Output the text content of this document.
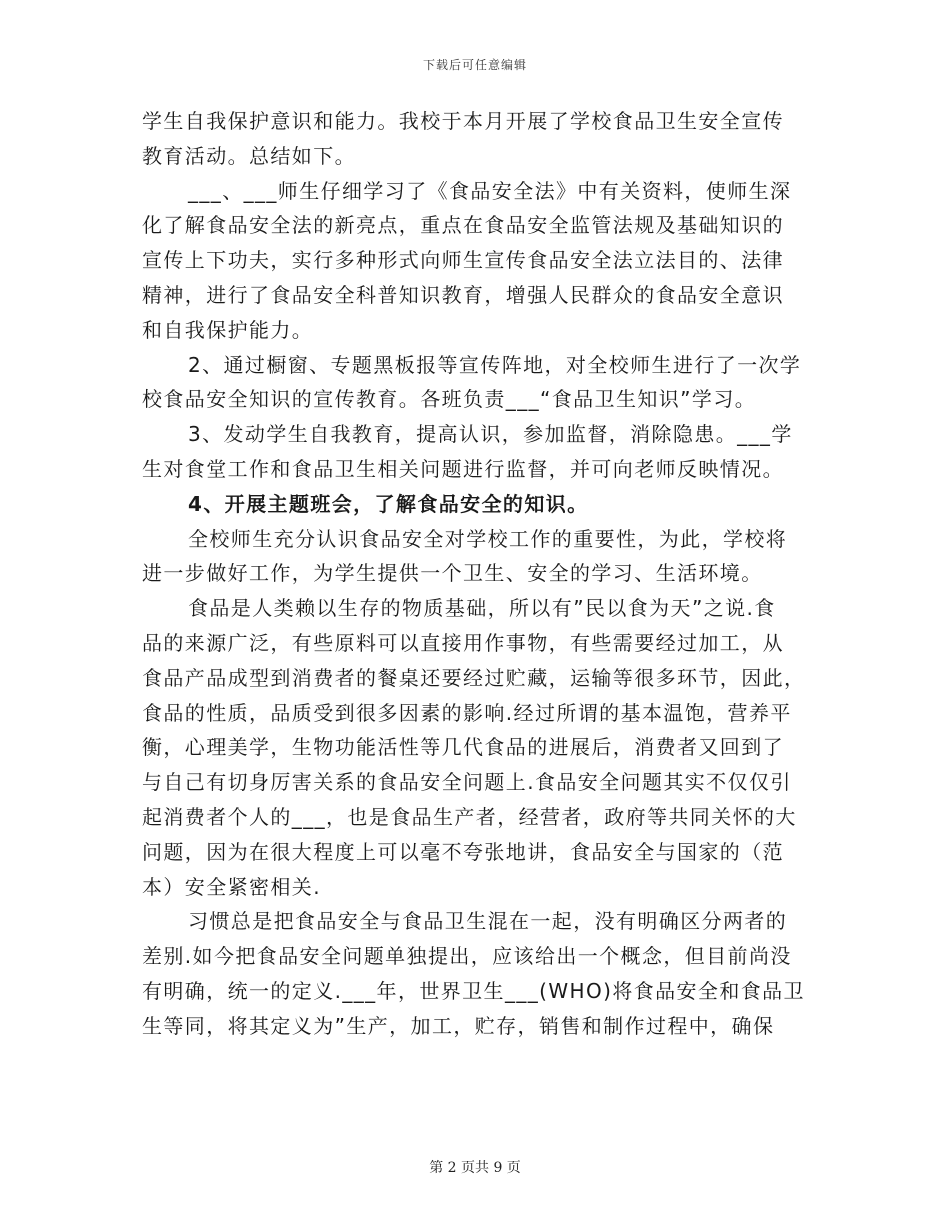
下载后可任意编辑
学生自我保护意识和能力。我校于本月开展了学校食品卫生安全宣传
教育活动。总结如下。
___、___师生仔细学习了《食品安全法》中有关资料，使师生深
化了解食品安全法的新亮点，重点在食品安全监管法规及基础知识的
宣传上下功夫，实行多种形式向师生宣传食品安全法立法目的、法律
精神，进行了食品安全科普知识教育，增强人民群众的食品安全意识
和自我保护能力。
2、通过橱窗、专题黑板报等宣传阵地，对全校师生进行了一次学
校食品安全知识的宣传教育。各班负责___“食品卫生知识”学习。
3、发动学生自我教育，提高认识，参加监督，消除隐患。___学
生对食堂工作和食品卫生相关问题进行监督，并可向老师反映情况。
4、开展主题班会，了解食品安全的知识。
全校师生充分认识食品安全对学校工作的重要性，为此，学校将
进一步做好工作，为学生提供一个卫生、安全的学习、生活环境。
食品是人类赖以生存的物质基础，所以有”民以食为天”之说.食
品的来源广泛，有些原料可以直接用作事物，有些需要经过加工，从
食品产品成型到消费者的餐桌还要经过贮藏，运输等很多环节，因此，
食品的性质，品质受到很多因素的影响.经过所谓的基本温饱，营养平
衡，心理美学，生物功能活性等几代食品的进展后，消费者又回到了
与自己有切身厉害关系的食品安全问题上.食品安全问题其实不仅仅引
起消费者个人的___，也是食品生产者，经营者，政府等共同关怀的大
问题，因为在很大程度上可以毫不夸张地讲，食品安全与国家的（范
本）安全紧密相关.
习惯总是把食品安全与食品卫生混在一起，没有明确区分两者的
差别.如今把食品安全问题单独提出，应该给出一个概念，但目前尚没
有明确，统一的定义.___年，世界卫生___(WHO)将食品安全和食品卫
生等同，将其定义为”生产，加工，贮存，销售和制作过程中，确保
第 2 页共 9 页
